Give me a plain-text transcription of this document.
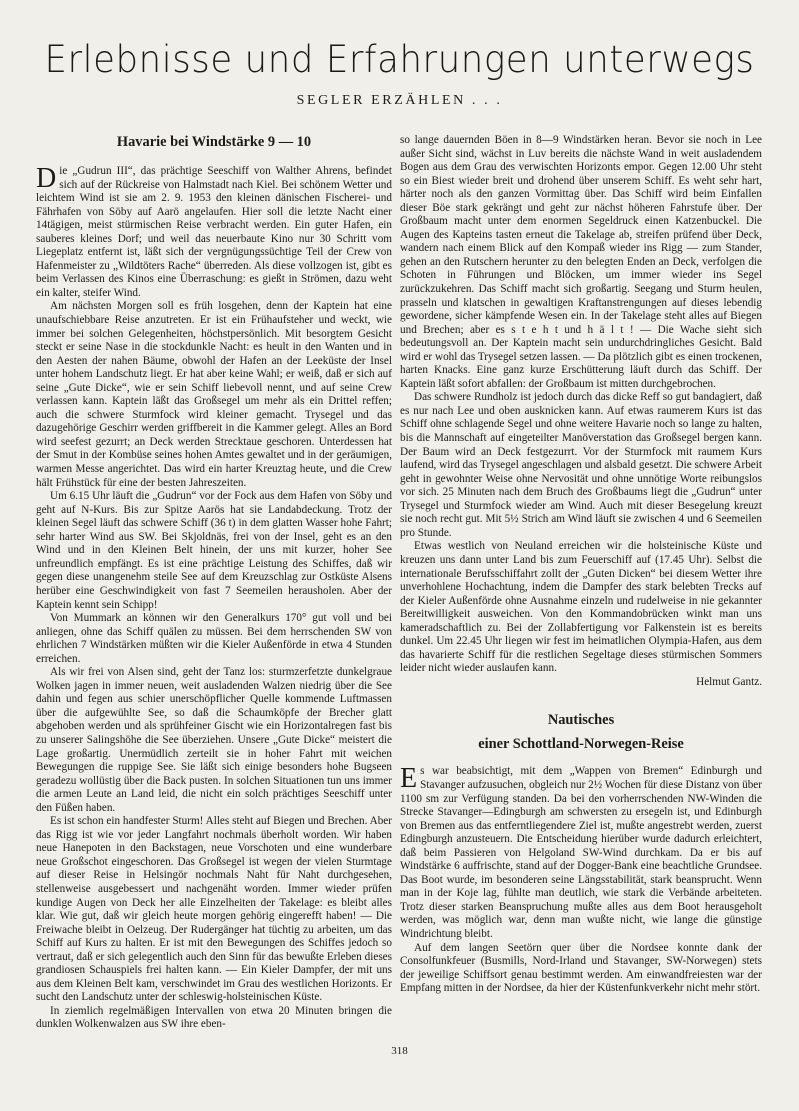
Erlebnisse und Erfahrungen unterwegs
SEGLER ERZÄHLEN . . .
Havarie bei Windstärke 9 — 10

Die „Gudrun III“, das prächtige Seeschiff von Walther Ahrens, befindet sich auf der Rückreise von Halmstadt nach Kiel. Bei schönem Wetter und leichtem Wind ist sie am 2. 9. 1953 den kleinen dänischen Fischerei- und Fährhafen von Söby auf Aarö angelaufen. Hier soll die letzte Nacht einer 14tägigen, meist stürmischen Reise verbracht werden. Ein guter Hafen, ein sauberes kleines Dorf; und weil das neuerbaute Kino nur 30 Schritt vom Liegeplatz entfernt ist, läßt sich der vergnügungssüchtige Teil der Crew von Hafenmeister zu „Wildtöters Rache“ überreden. Als diese vollzogen ist, gibt es beim Verlassen des Kinos eine Überraschung: es gießt in Strömen, dazu weht ein kalter, steifer Wind.

Am nächsten Morgen soll es früh losgehen, denn der Kaptein hat eine unaufschiebbare Reise anzutreten. Er ist ein Frühaufsteher und weckt, wie immer bei solchen Gelegenheiten, höchstpersönlich. Mit besorgtem Gesicht steckt er seine Nase in die stockdunkle Nacht: es heult in den Wanten und in den Aesten der nahen Bäume, obwohl der Hafen an der Leeküste der Insel unter hohem Landschutz liegt. Er hat aber keine Wahl; er weiß, daß er sich auf seine „Gute Dicke“, wie er sein Schiff liebevoll nennt, und auf seine Crew verlassen kann. Kaptein läßt das Großsegel um mehr als ein Drittel reffen; auch die schwere Sturmfock wird kleiner gemacht. Trysegel und das dazugehörige Geschirr werden griffbereit in die Kammer gelegt. Alles an Bord wird seefest gezurrt; an Deck werden Strecktaue geschoren. Unterdessen hat der Smut in der Kombüse seines hohen Amtes gewaltet und in der geräumigen, warmen Messe angerichtet. Das wird ein harter Kreuztag heute, und die Crew hält Frühstück für eine der besten Jahreszeiten.

Um 6.15 Uhr läuft die „Gudrun“ vor der Fock aus dem Hafen von Söby und geht auf N-Kurs. Bis zur Spitze Aarös hat sie Landabdeckung. Trotz der kleinen Segel läuft das schwere Schiff (36 t) in dem glatten Wasser hohe Fahrt; sehr harter Wind aus SW. Bei Skjoldnäs, frei von der Insel, geht es an den Wind und in den Kleinen Belt hinein, der uns mit kurzer, hoher See unfreundlich empfängt. Es ist eine prächtige Leistung des Schiffes, daß wir gegen diese unangenehm steile See auf dem Kreuzschlag zur Ostküste Alsens herüber eine Geschwindigkeit von fast 7 Seemeilen herausholen. Aber der Kaptein kennt sein Schipp!

Von Mummark an können wir den Generalkurs 170° gut voll und bei anliegen, ohne das Schiff quälen zu müssen. Bei dem herrschenden SW von ehrlichen 7 Windstärken müßten wir die Kieler Außenförde in etwa 4 Stunden erreichen.

Als wir frei von Alsen sind, geht der Tanz los: sturmzerfetzte dunkelgraue Wolken jagen in immer neuen, weit ausladenden Walzen niedrig über die See dahin und fegen aus schier unerschöpflicher Quelle kommende Luftmassen über die aufgewühlte See, so daß die Schaumköpfe der Brecher glatt abgehoben werden und als sprühfeiner Gischt wie ein Horizontalregen fast bis zu unserer Salingshöhe die See überziehen. Unsere „Gute Dicke“ meistert die Lage großartig. Unermüdlich zerteilt sie in hoher Fahrt mit weichen Bewegungen die ruppige See. Sie läßt sich einige besonders hohe Bugseen geradezu wollüstig über die Back pusten. In solchen Situationen tun uns immer die armen Leute an Land leid, die nicht ein solch prächtiges Seeschiff unter den Füßen haben.

Es ist schon ein handfester Sturm! Alles steht auf Biegen und Brechen. Aber das Rigg ist wie vor jeder Langfahrt nochmals überholt worden. Wir haben neue Hanepoten in den Backstagen, neue Vorschoten und eine wunderbare neue Großschot eingeschoren. Das Großsegel ist wegen der vielen Sturmtage auf dieser Reise in Helsingör nochmals Naht für Naht durchgesehen, stellenweise ausgebessert und nachgenäht worden. Immer wieder prüfen kundige Augen von Deck her alle Einzelheiten der Takelage: es bleibt alles klar. Wie gut, daß wir gleich heute morgen gehörig eingerefft haben! — Die Freiwache bleibt in Oelzeug. Der Rudergänger hat tüchtig zu arbeiten, um das Schiff auf Kurs zu halten. Er ist mit den Bewegungen des Schiffes jedoch so vertraut, daß er sich gelegentlich auch den Sinn für das bewußte Erleben dieses grandiosen Schauspiels frei halten kann. — Ein Kieler Dampfer, der mit uns aus dem Kleinen Belt kam, verschwindet im Grau des westlichen Horizonts. Er sucht den Landschutz unter der schleswig-holsteinischen Küste.

In ziemlich regelmäßigen Intervallen von etwa 20 Minuten bringen die dunklen Wolkenwalzen aus SW ihre eben-

so lange dauernden Böen in 8—9 Windstärken heran. Bevor sie noch in Lee außer Sicht sind, wächst in Luv bereits die nächste Wand in weit ausladendem Bogen aus dem Grau des verwischten Horizonts empor. Gegen 12.00 Uhr steht so ein Biest wieder breit und drohend über unserem Schiff. Es weht sehr hart, härter noch als den ganzen Vormittag über. Das Schiff wird beim Einfallen dieser Böe stark gekrängt und geht zur nächst höheren Fahrstufe über. Der Großbaum macht unter dem enormen Segeldruck einen Katzenbuckel. Die Augen des Kapteins tasten erneut die Takelage ab, streifen prüfend über Deck, wandern nach einem Blick auf den Kompaß wieder ins Rigg — zum Stander, gehen an den Rutschern herunter zu den belegten Enden an Deck, verfolgen die Schoten in Führungen und Blöcken, um immer wieder ins Segel zurückzukehren. Das Schiff macht sich großartig. Seegang und Sturm heulen, prasseln und klatschen in gewaltigen Kraftanstrengungen auf dieses lebendig gewordene, sicher kämpfende Wesen ein. In der Takelage steht alles auf Biegen und Brechen; aber es s t e h t und h ä l t ! — Die Wache sieht sich bedeutungsvoll an. Der Kaptein macht sein undurchdringliches Gesicht. Bald wird er wohl das Trysegel setzen lassen. — Da plötzlich gibt es einen trockenen, harten Knacks. Eine ganz kurze Erschütterung läuft durch das Schiff. Der Kaptein läßt sofort abfallen: der Großbaum ist mitten durchgebrochen.

Das schwere Rundholz ist jedoch durch das dicke Reff so gut bandagiert, daß es nur nach Lee und oben ausknicken kann. Auf etwas raumerem Kurs ist das Schiff ohne schlagende Segel und ohne weitere Havarie noch so lange zu halten, bis die Mannschaft auf eingeteilter Manöverstation das Großsegel bergen kann. Der Baum wird an Deck festgezurrt. Vor der Sturmfock mit raumem Kurs laufend, wird das Trysegel angeschlagen und alsbald gesetzt. Die schwere Arbeit geht in gewohnter Weise ohne Nervosität und ohne unnötige Worte reibungslos vor sich. 25 Minuten nach dem Bruch des Großbaums liegt die „Gudrun“ unter Trysegel und Sturmfock wieder am Wind. Auch mit dieser Besegelung kreuzt sie noch recht gut. Mit 5½ Strich am Wind läuft sie zwischen 4 und 6 Seemeilen pro Stunde.

Etwas westlich von Neuland erreichen wir die holsteinische Küste und kreuzen uns dann unter Land bis zum Feuerschiff auf (17.45 Uhr). Selbst die internationale Berufsschiffahrt zollt der „Guten Dicken“ bei diesem Wetter ihre unverhohlene Hochachtung, indem die Dampfer des stark belebten Trecks auf der Kieler Außenförde ohne Ausnahme einzeln und rudelweise in nie gekannter Bereitwilligkeit ausweichen. Von den Kommandobrücken winkt man uns kameradschaftlich zu. Bei der Zollabfertigung vor Falkenstein ist es bereits dunkel. Um 22.45 Uhr liegen wir fest im heimatlichen Olympia-Hafen, aus dem das havarierte Schiff für die restlichen Segeltage dieses stürmischen Sommers leider nicht wieder auslaufen kann.

Helmut Gantz.
Nautisches
einer Schottland-Norwegen-Reise

Es war beabsichtigt, mit dem „Wappen von Bremen“ Edinburgh und Stavanger aufzusuchen, obgleich nur 2½ Wochen für diese Distanz von über 1100 sm zur Verfügung standen. Da bei den vorherrschenden NW-Winden die Strecke Stavanger—Edingburgh am schwersten zu ersegeln ist, und Edinburgh von Bremen aus das entferntliegendere Ziel ist, mußte angestrebt werden, zuerst Edingburgh anzusteuern. Die Entscheidung hierüber wurde dadurch erleichtert, daß beim Passieren von Helgoland SW-Wind durchkam. Da er bis auf Windstärke 6 auffrischte, stand auf der Dogger-Bank eine beachtliche Grundsee. Das Boot wurde, im besonderen seine Längsstabilität, stark beansprucht. Wenn man in der Koje lag, fühlte man deutlich, wie stark die Verbände arbeiteten. Trotz dieser starken Beanspruchung mußte alles aus dem Boot herausgeholt werden, was möglich war, denn man wußte nicht, wie lange die günstige Windrichtung bleibt.

Auf dem langen Seetörn quer über die Nordsee konnte dank der Consolfunkfeuer (Busmills, Nord-Irland und Stavanger, SW-Norwegen) stets der jeweilige Schiffsort genau bestimmt werden. Am einwandfreiesten war der Empfang mitten in der Nordsee, da hier der Küstenfunkverkehr nicht mehr stört.

318
